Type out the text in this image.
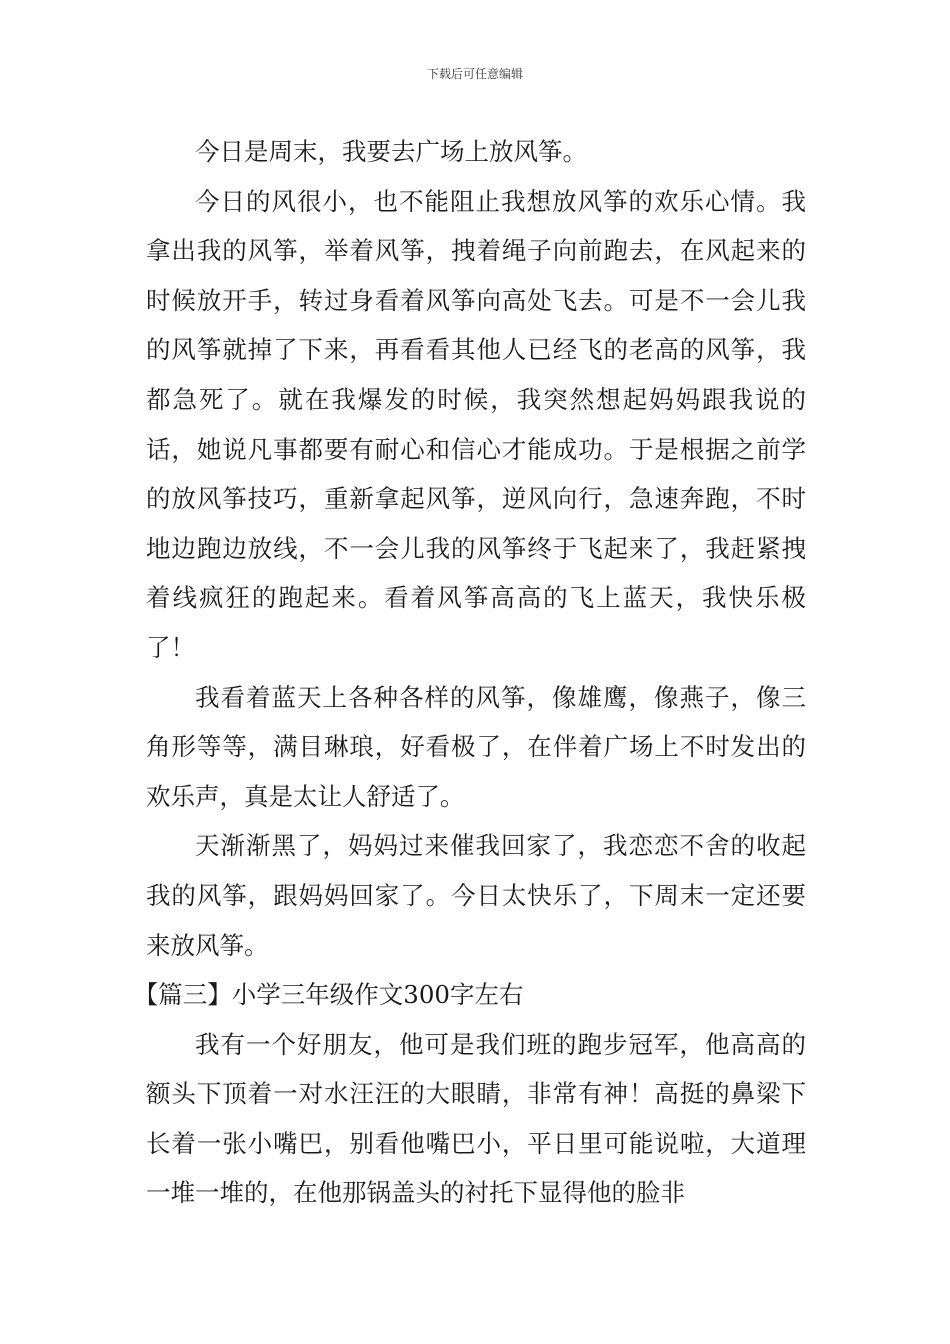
下载后可任意编辑

今日是周末，我要去广场上放风筝。

今日的风很小，也不能阻止我想放风筝的欢乐心情。我拿出我的风筝，举着风筝，拽着绳子向前跑去，在风起来的时候放开手，转过身看着风筝向高处飞去。可是不一会儿我的风筝就掉了下来，再看看其他人已经飞的老高的风筝，我都急死了。就在我爆发的时候，我突然想起妈妈跟我说的话，她说凡事都要有耐心和信心才能成功。于是根据之前学的放风筝技巧，重新拿起风筝，逆风向行，急速奔跑，不时地边跑边放线，不一会儿我的风筝终于飞起来了，我赶紧拽着线疯狂的跑起来。看着风筝高高的飞上蓝天，我快乐极了！

我看着蓝天上各种各样的风筝，像雄鹰，像燕子，像三角形等等，满目琳琅，好看极了，在伴着广场上不时发出的欢乐声，真是太让人舒适了。

天渐渐黑了，妈妈过来催我回家了，我恋恋不舍的收起我的风筝，跟妈妈回家了。今日太快乐了，下周末一定还要来放风筝。

【篇三】小学三年级作文300字左右

我有一个好朋友，他可是我们班的跑步冠军，他高高的额头下顶着一对水汪汪的大眼睛，非常有神！高挺的鼻梁下长着一张小嘴巴，别看他嘴巴小，平日里可能说啦，大道理一堆一堆的，在他那锅盖头的衬托下显得他的脸非
